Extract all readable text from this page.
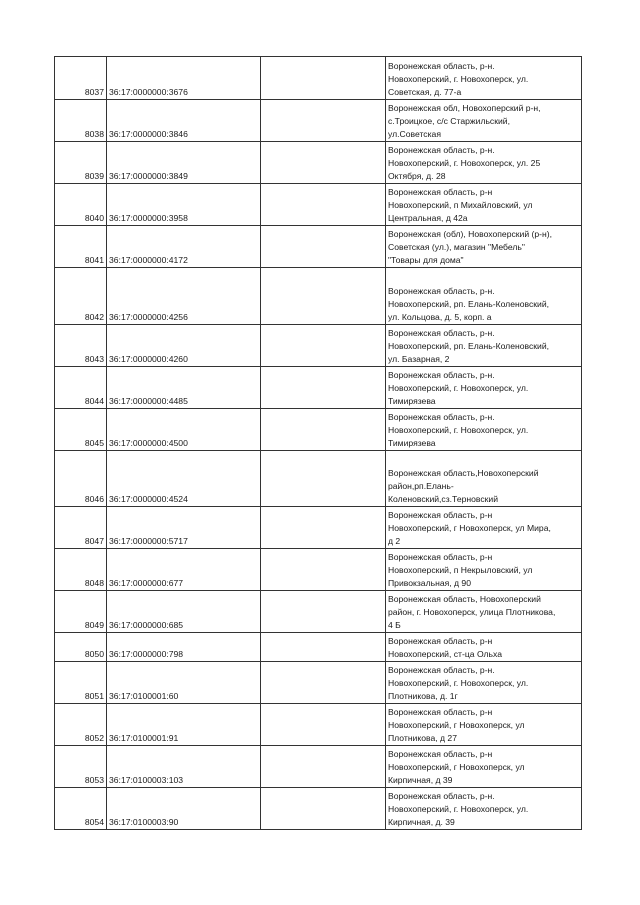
8037	36:17:0000000:3676		Воронежская область, р-н.
Новохоперский, г. Новохоперск, ул.
Советская, д. 77-а
8038	36:17:0000000:3846		Воронежская обл, Новохоперский р-н,
с.Троицкое, с/с Старжильский,
ул.Советская
8039	36:17:0000000:3849		Воронежская область, р-н.
Новохоперский, г. Новохоперск, ул. 25
Октября, д. 28
8040	36:17:0000000:3958		Воронежская область, р-н
Новохоперский, п Михайловский, ул
Центральная, д 42а
8041	36:17:0000000:4172		Воронежская (обл), Новохоперский (р-н),
Советская (ул.), магазин "Мебель"
"Товары для дома"
8042	36:17:0000000:4256		Воронежская область, р-н.
Новохоперский, рп. Елань-Коленовский,
ул. Кольцова, д. 5, корп. а
8043	36:17:0000000:4260		Воронежская область, р-н.
Новохоперский, рп. Елань-Коленовский,
ул. Базарная, 2
8044	36:17:0000000:4485		Воронежская область, р-н.
Новохоперский, г. Новохоперск, ул.
Тимирязева
8045	36:17:0000000:4500		Воронежская область, р-н.
Новохоперский, г. Новохоперск, ул.
Тимирязева
8046	36:17:0000000:4524		Воронежская область,Новохоперский
район,рп.Елань-
Коленовский,сз.Терновский
8047	36:17:0000000:5717		Воронежская область, р-н
Новохоперский, г Новохоперск, ул Мира,
д 2
8048	36:17:0000000:677		Воронежская область, р-н
Новохоперский, п Некрыловский, ул
Привокзальная, д 90
8049	36:17:0000000:685		Воронежская область, Новохоперский
район, г. Новохоперск, улица Плотникова,
4 Б
8050	36:17:0000000:798		Воронежская область, р-н
Новохоперский, ст-ца Ольха
8051	36:17:0100001:60		Воронежская область, р-н.
Новохоперский, г. Новохоперск, ул.
Плотникова, д. 1г
8052	36:17:0100001:91		Воронежская область, р-н
Новохоперский, г Новохоперск, ул
Плотникова, д 27
8053	36:17:0100003:103		Воронежская область, р-н
Новохоперский, г Новохоперск, ул
Кирпичная, д 39
8054	36:17:0100003:90		Воронежская область, р-н.
Новохоперский, г. Новохоперск, ул.
Кирпичная, д. 39
